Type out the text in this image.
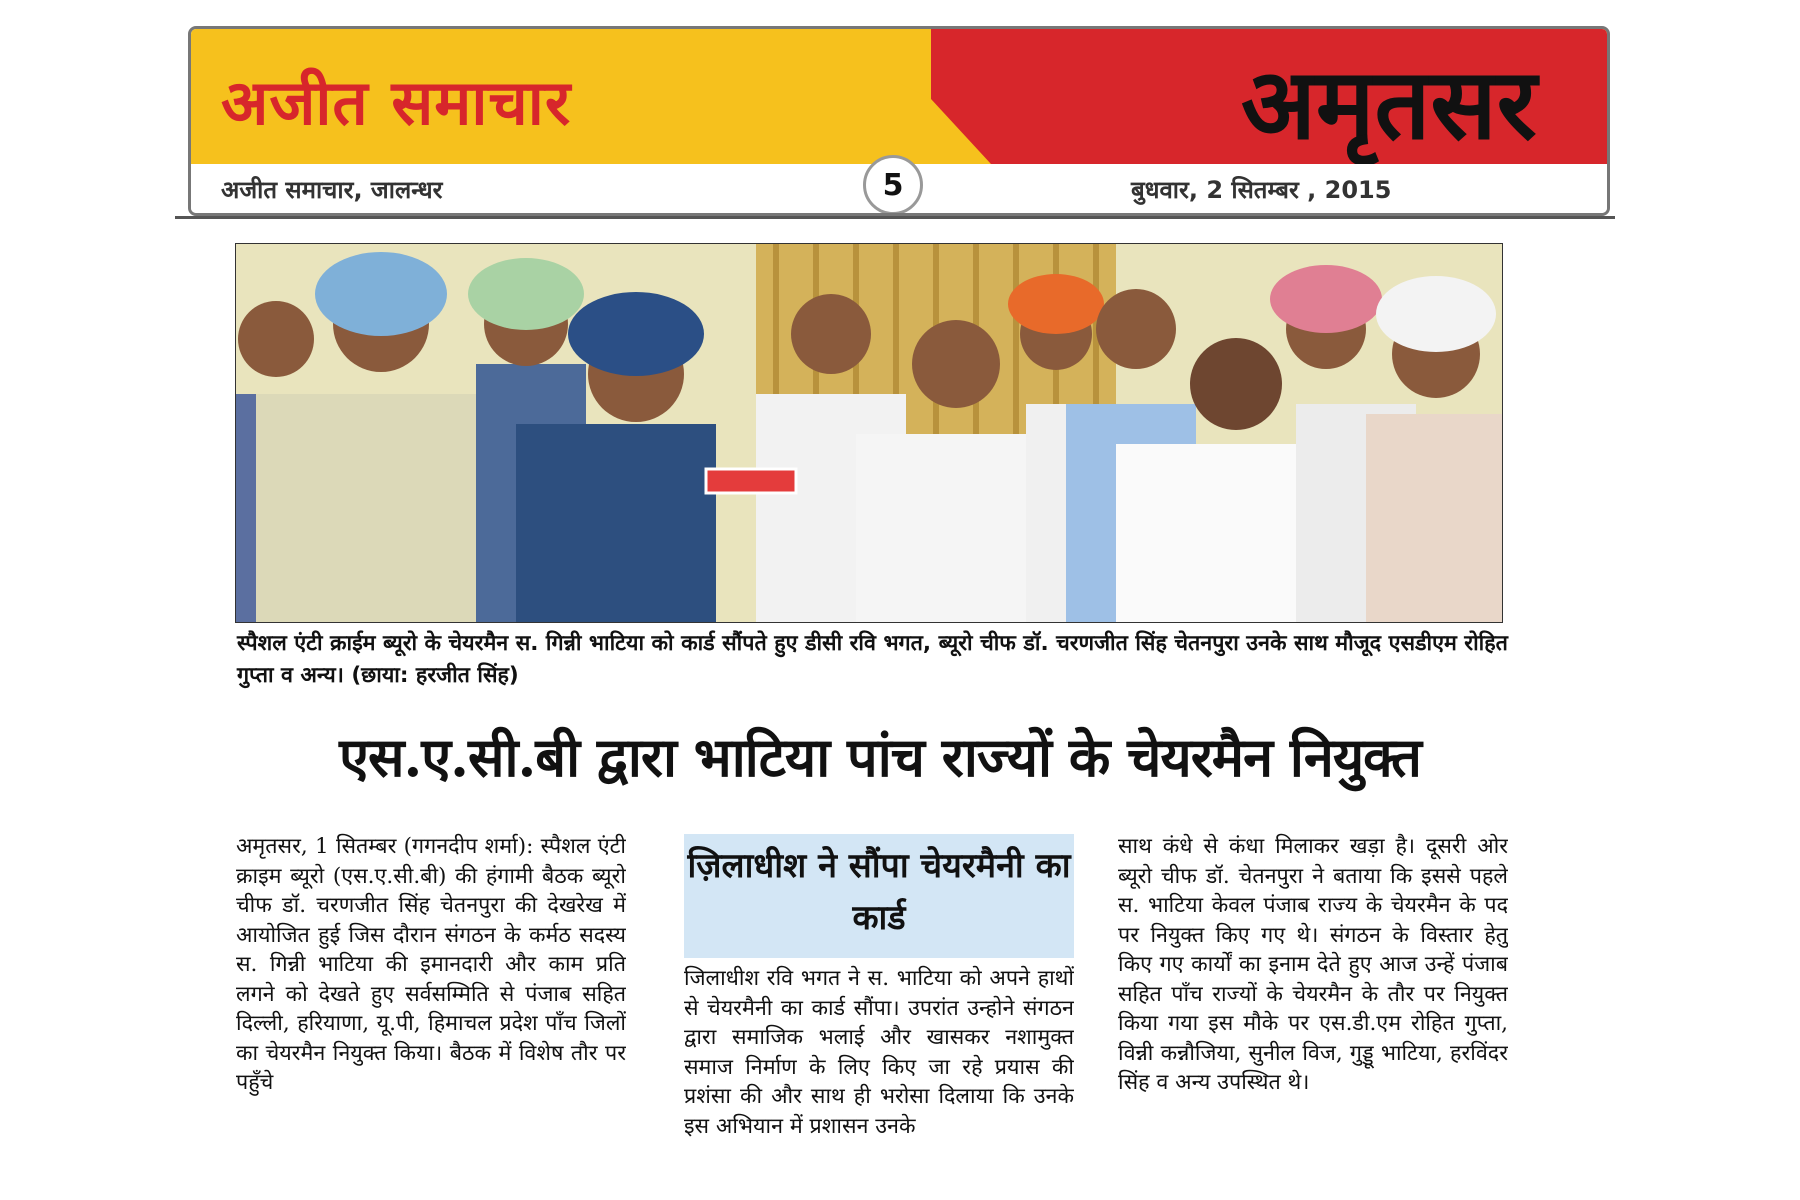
अजीत समाचार	अमृतसर
अजीत समाचार, जालन्धर	5	बुधवार, 2 सितम्बर , 2015
स्पैशल एंटी क्राईम ब्यूरो के चेयरमैन स. गिन्नी भाटिया को कार्ड सौंपते हुए डीसी रवि भगत, ब्यूरो चीफ डॉ. चरणजीत सिंह चेतनपुरा उनके साथ मौजूद एसडीएम रोहित गुप्ता व अन्य। (छाया: हरजीत सिंह)
एस.ए.सी.बी द्वारा भाटिया पांच राज्यों के चेयरमैन नियुक्त

अमृतसर, 1 सितम्बर (गगनदीप शर्मा): स्पैशल एंटी क्राइम ब्यूरो (एस.ए.सी.बी) की हंगामी बैठक ब्यूरो चीफ डॉ. चरणजीत सिंह चेतनपुरा की देखरेख में आयोजित हुई जिस दौरान संगठन के कर्मठ सदस्य स. गिन्नी भाटिया की इमानदारी और काम प्रति लगने को देखते हुए सर्वसम्मिति से पंजाब सहित दिल्ली, हरियाणा, यू.पी, हिमाचल प्रदेश पाँच जिलों का चेयरमैन नियुक्त किया। बैठक में विशेष तौर पर पहुँचे

ज़िलाधीश ने सौंपा चेयरमैनी का कार्ड

जिलाधीश रवि भगत ने स. भाटिया को अपने हाथों से चेयरमैनी का कार्ड सौंपा। उपरांत उन्होने संगठन द्वारा समाजिक भलाई और खासकर नशामुक्त समाज निर्माण के लिए किए जा रहे प्रयास की प्रशंसा की और साथ ही भरोसा दिलाया कि उनके इस अभियान में प्रशासन उनके

साथ कंधे से कंधा मिलाकर खड़ा है। दूसरी ओर ब्यूरो चीफ डॉ. चेतनपुरा ने बताया कि इससे पहले स. भाटिया केवल पंजाब राज्य के चेयरमैन के पद पर नियुक्त किए गए थे। संगठन के विस्तार हेतु किए गए कार्यों का इनाम देते हुए आज उन्हें पंजाब सहित पाँच राज्यों के चेयरमैन के तौर पर नियुक्त किया गया इस मौके पर एस.डी.एम रोहित गुप्ता, विन्नी कन्नौजिया, सुनील विज, गुड्डू भाटिया, हरविंदर सिंह व अन्य उपस्थित थे।
